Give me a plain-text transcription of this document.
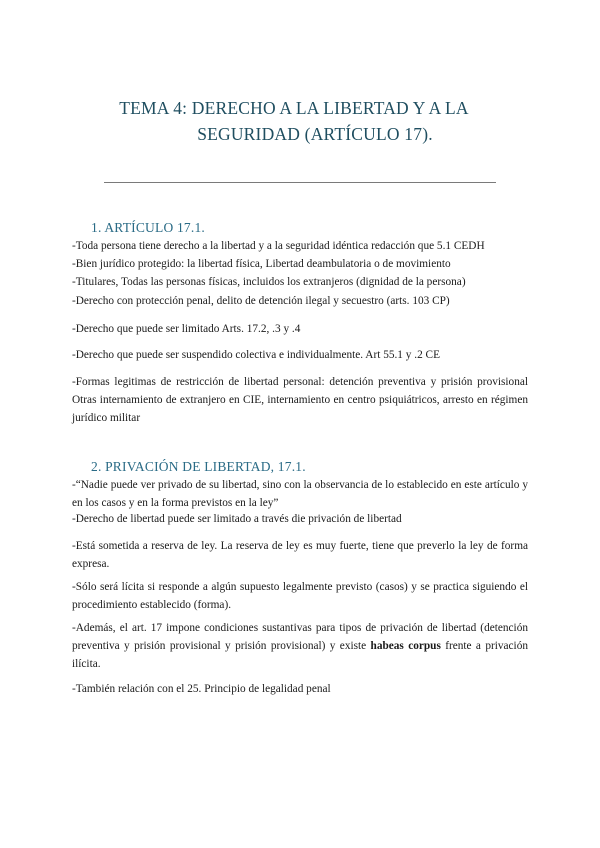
TEMA 4: DERECHO A LA LIBERTAD Y A LA
SEGURIDAD (ARTÍCULO 17).
1. ARTÍCULO 17.1.
-Toda persona tiene derecho a la libertad y a la seguridad idéntica redacción que 5.1 CEDH
-Bien jurídico protegido: la libertad física, Libertad deambulatoria o de movimiento
-Titulares, Todas las personas físicas, incluidos los extranjeros (dignidad de la persona)

-Derecho con protección penal, delito de detención ilegal y secuestro (arts. 103 CP)

-Derecho que puede ser limitado Arts. 17.2, .3 y .4

-Derecho que puede ser suspendido colectiva e individualmente. Art 55.1 y .2 CE

-Formas legitimas de restricción de libertad personal: detención preventiva y prisión provisional Otras internamiento de extranjero en CIE, internamiento en centro psiquiátricos, arresto en régimen jurídico militar

2. PRIVACIÓN DE LIBERTAD, 17.1.

-“Nadie puede ver privado de su libertad, sino con la observancia de lo establecido en este artículo y en los casos y en la forma previstos en la ley”

-Derecho de libertad puede ser limitado a través die privación de libertad

-Está sometida a reserva de ley. La reserva de ley es muy fuerte, tiene que preverlo la ley de forma expresa.

-Sólo será lícita si responde a algún supuesto legalmente previsto (casos) y se practica siguiendo el procedimiento establecido (forma).

-Además, el art. 17 impone condiciones sustantivas para tipos de privación de libertad (detención preventiva y prisión provisional y prisión provisional) y existe habeas corpus frente a privación ilícita.

-También relación con el 25. Principio de legalidad penal
